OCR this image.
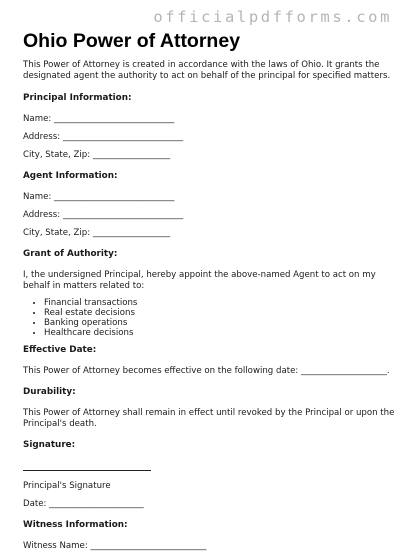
officialpdfforms.com
Ohio Power of Attorney

This Power of Attorney is created in accordance with the laws of Ohio. It grants the designated agent the authority to act on behalf of the principal for specified matters.

Principal Information:
Name: ____________________________
Address: ____________________________
City, State, Zip: __________________
Agent Information:
Name: ____________________________
Address: ____________________________
City, State, Zip: __________________
Grant of Authority:

I, the undersigned Principal, hereby appoint the above-named Agent to act on my behalf in matters related to:

• Financial transactions
• Real estate decisions
• Banking operations
• Healthcare decisions
Effective Date:
This Power of Attorney becomes effective on the following date: ____________________.
Durability:

This Power of Attorney shall remain in effect until revoked by the Principal or upon the Principal's death.

Signature:
Principal's Signature
Date: ______________________
Witness Information:
Witness Name: ___________________________
